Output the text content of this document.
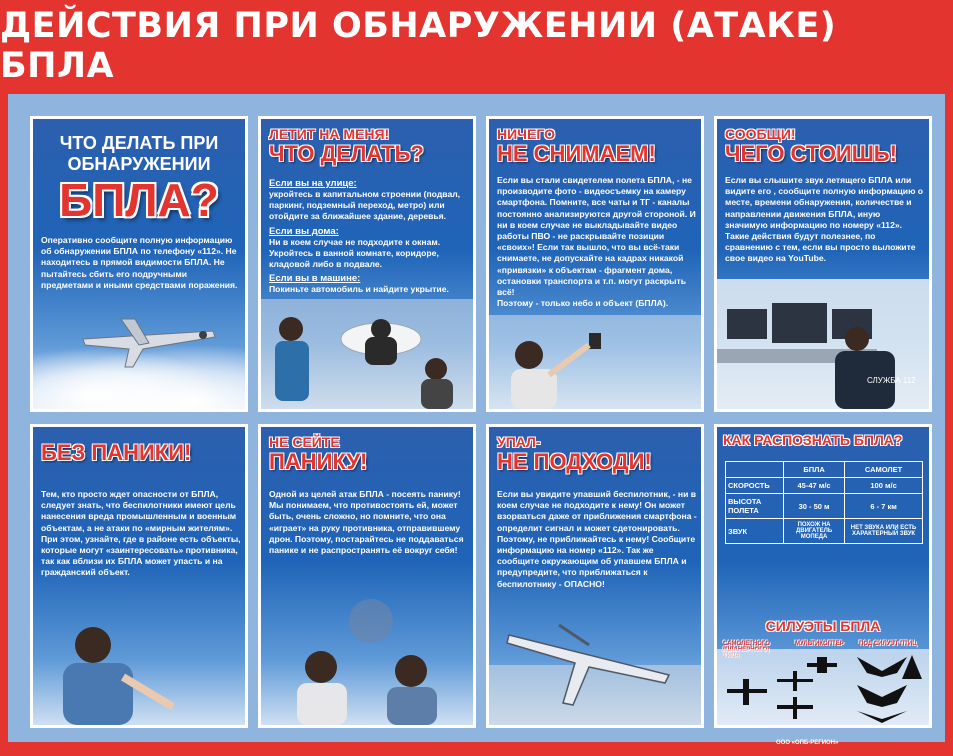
ДЕЙСТВИЯ ПРИ ОБНАРУЖЕНИИ (АТАКЕ) БПЛА
ЧТО ДЕЛАТЬ ПРИ ОБНАРУЖЕНИИ
БПЛА?
Оперативно сообщите полную информацию об обнаружении БПЛА по телефону «112». Не находитесь в прямой видимости БПЛА. Не пытайтесь сбить его подручными предметами и иными средствами поражения.
ЛЕТИТ НА МЕНЯ!
ЧТО ДЕЛАТЬ?
Если вы на улице:
укройтесь в капитальном строении (подвал, паркинг, подземный переход, метро) или отойдите за ближайшее здание, деревья.
Если вы дома:
Ни в коем случае не подходите к окнам. Укройтесь в ванной комнате, коридоре, кладовой либо в подвале.
Если вы в машине:
Покиньте автомобиль и найдите укрытие.
НИЧЕГО
НЕ СНИМАЕМ!
Если вы стали свидетелем полета БПЛА, - не производите фото - видеосъемку на камеру смартфона. Помните, все чаты и ТГ - каналы постоянно анализируются другой стороной. И ни в коем случае не выкладывайте видео работы ПВО - не раскрывайте позиции «своих»! Если так вышло, что вы всё-таки снимаете, не допускайте на кадрах никакой «привязки» к объектам - фрагмент дома, остановки транспорта и т.п. могут раскрыть всё!
Поэтому - только небо и объект (БПЛА).
СООБЩИ!
ЧЕГО СТОИШЬ!
Если вы слышите звук летящего БПЛА или видите его , сообщите полную информацию о месте, времени обнаружения, количестве и направлении движения БПЛА, иную значимую информацию по номеру «112». Такие действия будут полезнее, по сравнению с тем, если вы просто выложите свое видео на YouTube.
СЛУЖБА 112
БЕЗ ПАНИКИ!
Тем, кто просто ждет опасности от БПЛА, следует знать, что беспилотники имеют цель нанесения вреда промышленным и военным объектам, а не атаки по «мирным жителям». При этом, узнайте, где в районе есть объекты, которые могут «заинтересовать» противника, так как вблизи их БПЛА может упасть и на гражданский объект.
НЕ СЕЙТЕ
ПАНИКУ!
Одной из целей атак БПЛА - посеять панику! Мы понимаем, что противостоять ей, может быть, очень сложно, но помните, что она «играет» на руку противника, отправившему дрон. Поэтому, постарайтесь не поддаваться панике и не распространять её вокруг себя!
УПАЛ-
НЕ ПОДХОДИ!
Если вы увидите упавший беспилотник, - ни в коем случае не подходите к нему! Он может взорваться даже от приближения смартфона - определит сигнал и может сдетонировать. Поэтому, не приближайтесь к нему! Сообщите информацию на номер «112». Так же сообщите окружающим об упавшем БПЛА и предупредите, что приближаться к беспилотнику - ОПАСНО!
КАК РАСПОЗНАТЬ БПЛА?
	БПЛА	САМОЛЕТ
СКОРОСТЬ	45-47 м/с	100 м/с
ВЫСОТА ПОЛЕТА	30 - 50 м	6 - 7 км
ЗВУК	ПОХОЖ НА ДВИГАТЕЛЬ МОПЕДА	НЕТ ЗВУКА ИЛИ ЕСТЬ ХАРАКТЕРНЫЙ ЗВУК
СИЛУЭТЫ БПЛА
САМОЛЕТНОГО	МУЛЬТИКОПТЕР	ПОД СИЛУЭТ ПТИЦ
ООО «ОПБ-РЕГИОН»
